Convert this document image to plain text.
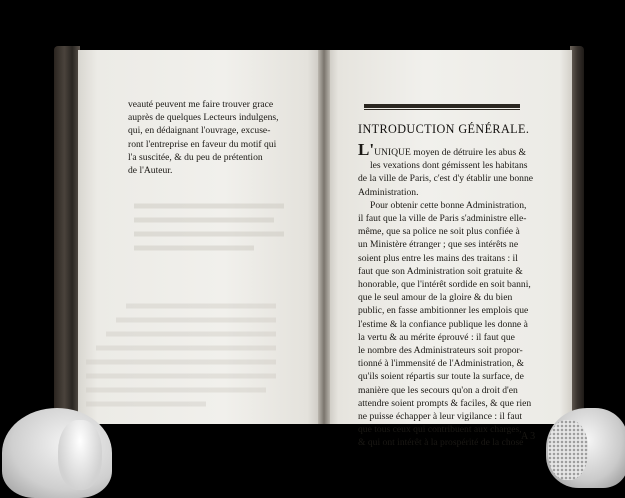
veauté peuvent me faire trouver grace
auprès de quelques Lecteurs indulgens,
qui, en dédaignant l'ouvrage, excuse-
ront l'entreprise en faveur du motif qui
l'a suscitée, & du peu de prétention
de l'Auteur.
INTRODUCTION GÉNÉRALE.
L'UNIQUE moyen de détruire les abus &
les vexations dont gémissent les habitans
de la ville de Paris, c'est d'y établir une bonne
Administration.
Pour obtenir cette bonne Administration,
il faut que la ville de Paris s'administre elle-
même, que sa police ne soit plus confiée à
un Ministère étranger ; que ses intérêts ne
soient plus entre les mains des traitans : il
faut que son Administration soit gratuite &
honorable, que l'intérêt sordide en soit banni,
que le seul amour de la gloire & du bien
public, en fasse ambitionner les emplois que
l'estime & la confiance publique les donne à
la vertu & au mérite éprouvé : il faut que
le nombre des Administrateurs soit propor-
tionné à l'immensité de l'Administration, &
qu'ils soient répartis sur toute la surface, de
manière que les secours qu'on a droit d'en
attendre soient prompts & faciles, & que rien
ne puisse échapper à leur vigilance : il faut
que tous ceux qui contribuent aux charges,
& qui ont intérêt à la prospérité de la chose
A 3
